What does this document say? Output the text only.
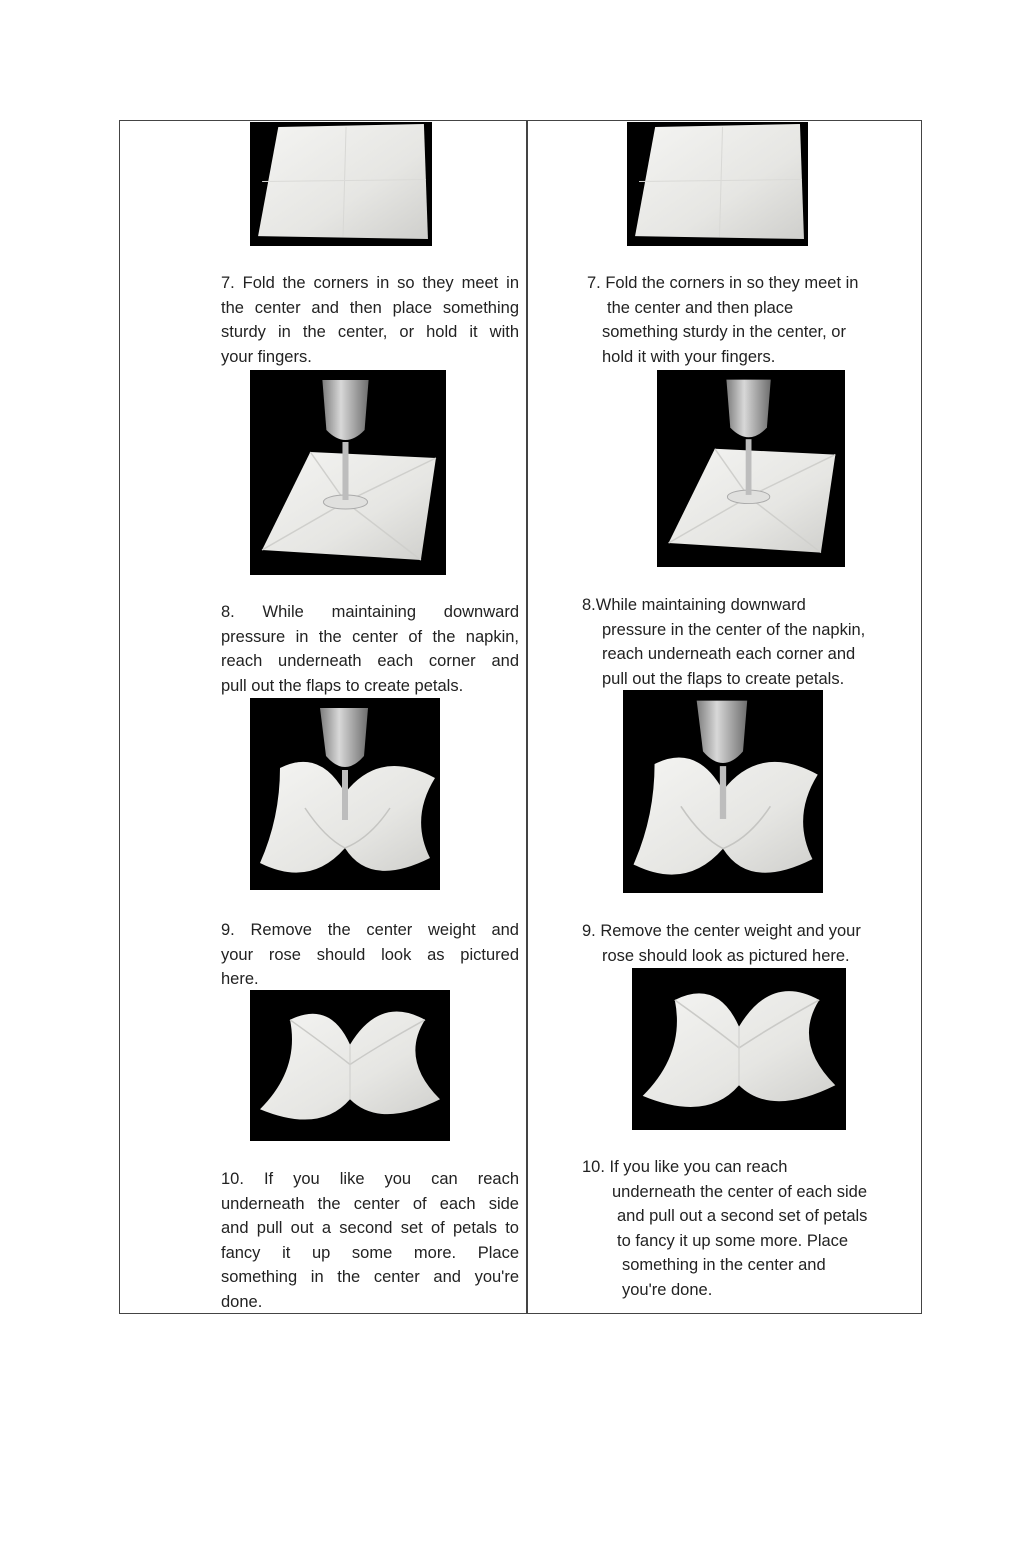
7. Fold the corners in so they meet in
the center and then place something
sturdy in the center, or hold it with
your fingers.
8. While maintaining downward
pressure in the center of the napkin,
reach underneath each corner and
pull out the flaps to create petals.
9. Remove the center weight and
your rose should look as pictured
here.
10. If you like you can reach
underneath the center of each side
and pull out a second set of petals to
fancy it up some more. Place
something in the center and you're
done.
7. Fold the corners in so they meet in
the center and then place
something sturdy in the center, or
hold it with your fingers.
8.While maintaining downward
pressure in the center of the napkin,
reach underneath each corner and
pull out the flaps to create petals.
9. Remove the center weight and your
rose should look as pictured here.
10. If you like you can reach
underneath the center of each side
and pull out a second set of petals
to fancy it up some more. Place
something in the center and
you're done.
